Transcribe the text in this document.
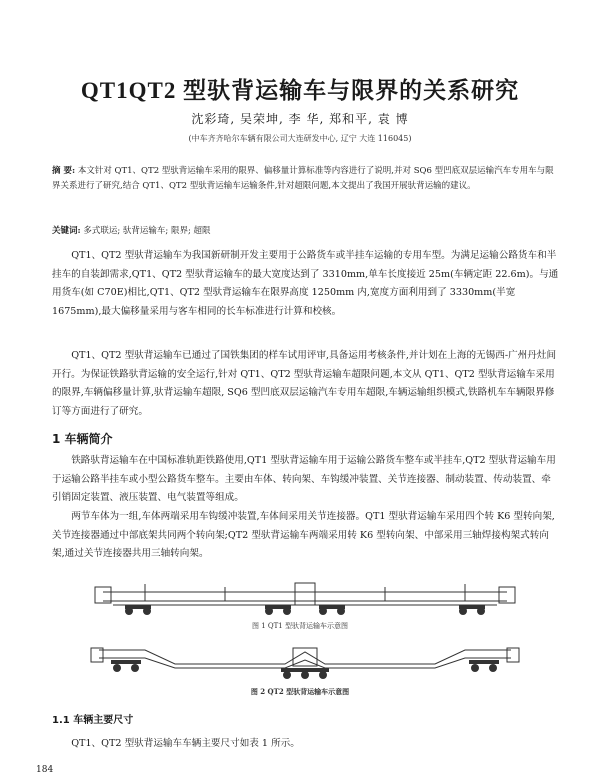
QT1QT2 型驮背运输车与限界的关系研究
沈彩琦, 吴荣坤, 李 华, 郑和平, 袁 博
(中车齐齐哈尔车辆有限公司大连研发中心, 辽宁 大连 116045)
摘 要: 本文针对 QT1、QT2 型驮背运输车采用的限界、偏移量计算标准等内容进行了说明,并对 SQ6 型凹底双层运输汽车专用车与限界关系进行了研究,结合 QT1、QT2 型驮背运输车运输条件,针对超限问题,本文提出了我国开展驮背运输的建议。
关键词: 多式联运; 驮背运输车; 限界; 超限
QT1、QT2 型驮背运输车为我国新研制开发主要用于公路货车或半挂车运输的专用车型。为满足运输公路货车和半挂车的自装卸需求,QT1、QT2 型驮背运输车的最大宽度达到了 3310mm,单车长度接近 25m(车辆定距 22.6m)。与通用货车(如 C70E)相比,QT1、QT2 型驮背运输车在限界高度 1250mm 内,宽度方面利用到了 3330mm(半宽 1675mm),最大偏移量采用与客车相同的长车标准进行计算和校核。
QT1、QT2 型驮背运输车已通过了国铁集团的样车试用评审,具备运用考核条件,并计划在上海的无锡西-广州丹灶间开行。为保证铁路驮背运输的安全运行,针对 QT1、QT2 型驮背运输车超限问题,本文从 QT1、QT2 型驮背运输车采用的限界,车辆偏移量计算,驮背运输车超限, SQ6 型凹底双层运输汽车专用车超限,车辆运输组织模式,铁路机车车辆限界修订等方面进行了研究。
1 车辆简介
铁路驮背运输车在中国标准轨距铁路使用,QT1 型驮背运输车用于运输公路货车整车或半挂车,QT2 型驮背运输车用于运输公路半挂车或小型公路货车整车。主要由车体、转向架、车钩缓冲装置、关节连接器、制动装置、传动装置、牵引销固定装置、液压装置、电气装置等组成。
两节车体为一组,车体两端采用车钩缓冲装置,车体间采用关节连接器。QT1 型驮背运输车采用四个转 K6 型转向架,关节连接器通过中部底架共同两个转向架;QT2 型驮背运输车两端采用转 K6 型转向架、中部采用三轴焊接构架式转向架,通过关节连接器共用三轴转向架。
图 1 QT1 型驮背运输车示意图
图 2 QT2 型驮背运输车示意图
1.1 车辆主要尺寸
QT1、QT2 型驮背运输车车辆主要尺寸如表 1 所示。
184
